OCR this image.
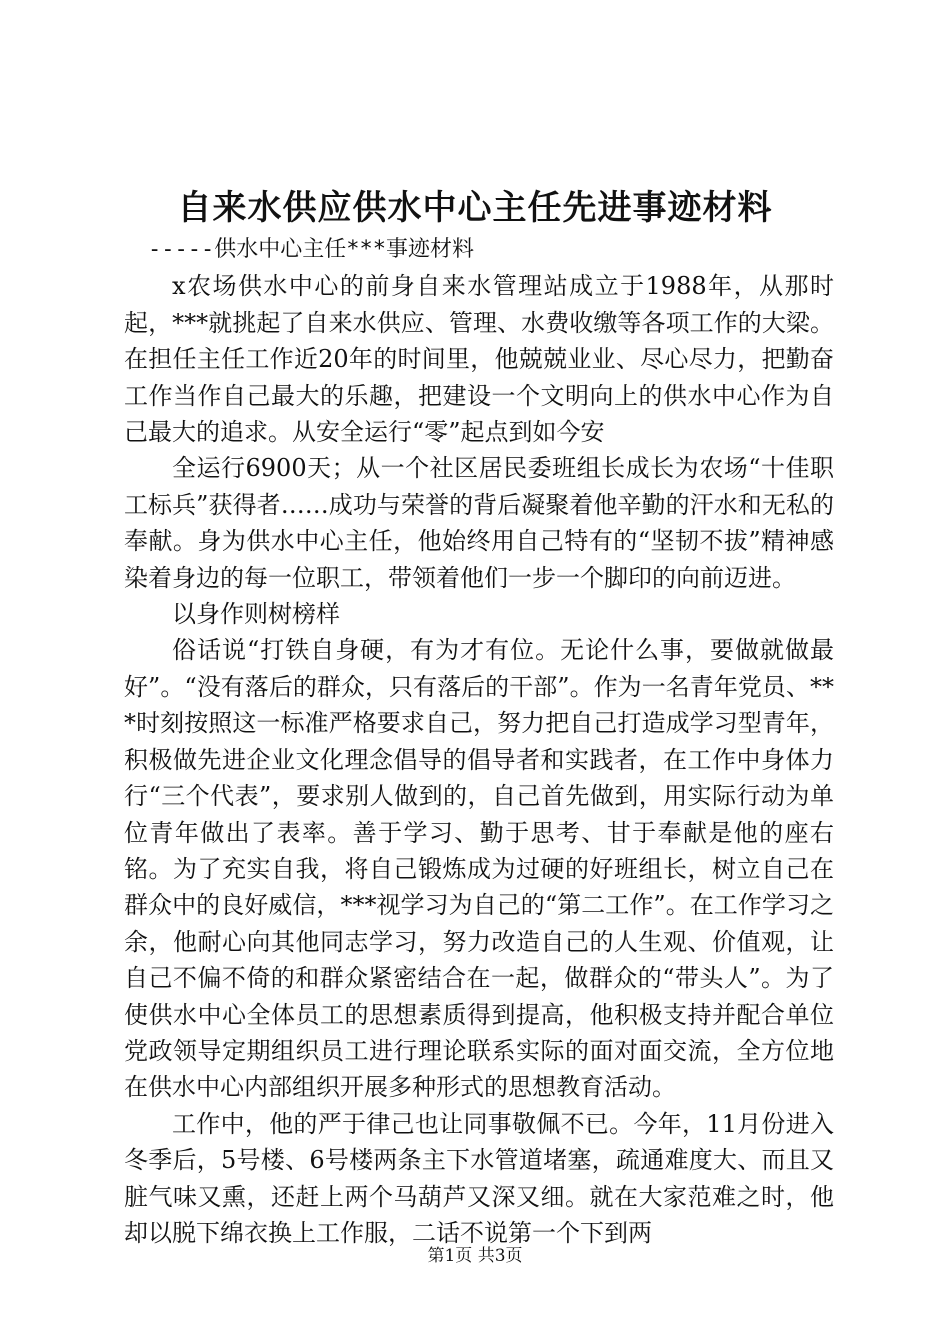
自来水供应供水中心主任先进事迹材料

-----供水中心主任***事迹材料

x农场供水中心的前身自来水管理站成立于1988年，从那时起，***就挑起了自来水供应、管理、水费收缴等各项工作的大梁。在担任主任工作近20年的时间里，他兢兢业业、尽心尽力，把勤奋工作当作自己最大的乐趣，把建设一个文明向上的供水中心作为自己最大的追求。从安全运行“零”起点到如今安

全运行6900天；从一个社区居民委班组长成长为农场“十佳职工标兵”获得者……成功与荣誉的背后凝聚着他辛勤的汗水和无私的奉献。身为供水中心主任，他始终用自己特有的“坚韧不拔”精神感染着身边的每一位职工，带领着他们一步一个脚印的向前迈进。

以身作则树榜样

俗话说“打铁自身硬，有为才有位。无论什么事，要做就做最好”。“没有落后的群众，只有落后的干部”。作为一名青年党员、***时刻按照这一标准严格要求自己，努力把自己打造成学习型青年，积极做先进企业文化理念倡导的倡导者和实践者，在工作中身体力行“三个代表”，要求别人做到的，自己首先做到，用实际行动为单位青年做出了表率。善于学习、勤于思考、甘于奉献是他的座右铭。为了充实自我，将自己锻炼成为过硬的好班组长，树立自己在群众中的良好威信，***视学习为自己的“第二工作”。在工作学习之余，他耐心向其他同志学习，努力改造自己的人生观、价值观，让自己不偏不倚的和群众紧密结合在一起，做群众的“带头人”。为了使供水中心全体员工的思想素质得到提高，他积极支持并配合单位党政领导定期组织员工进行理论联系实际的面对面交流，全方位地在供水中心内部组织开展多种形式的思想教育活动。

工作中，他的严于律己也让同事敬佩不已。今年，11月份进入冬季后，5号楼、6号楼两条主下水管道堵塞，疏通难度大、而且又脏气味又熏，还赶上两个马葫芦又深又细。就在大家范难之时，他却以脱下绵衣换上工作服，二话不说第一个下到两

第1页 共3页
